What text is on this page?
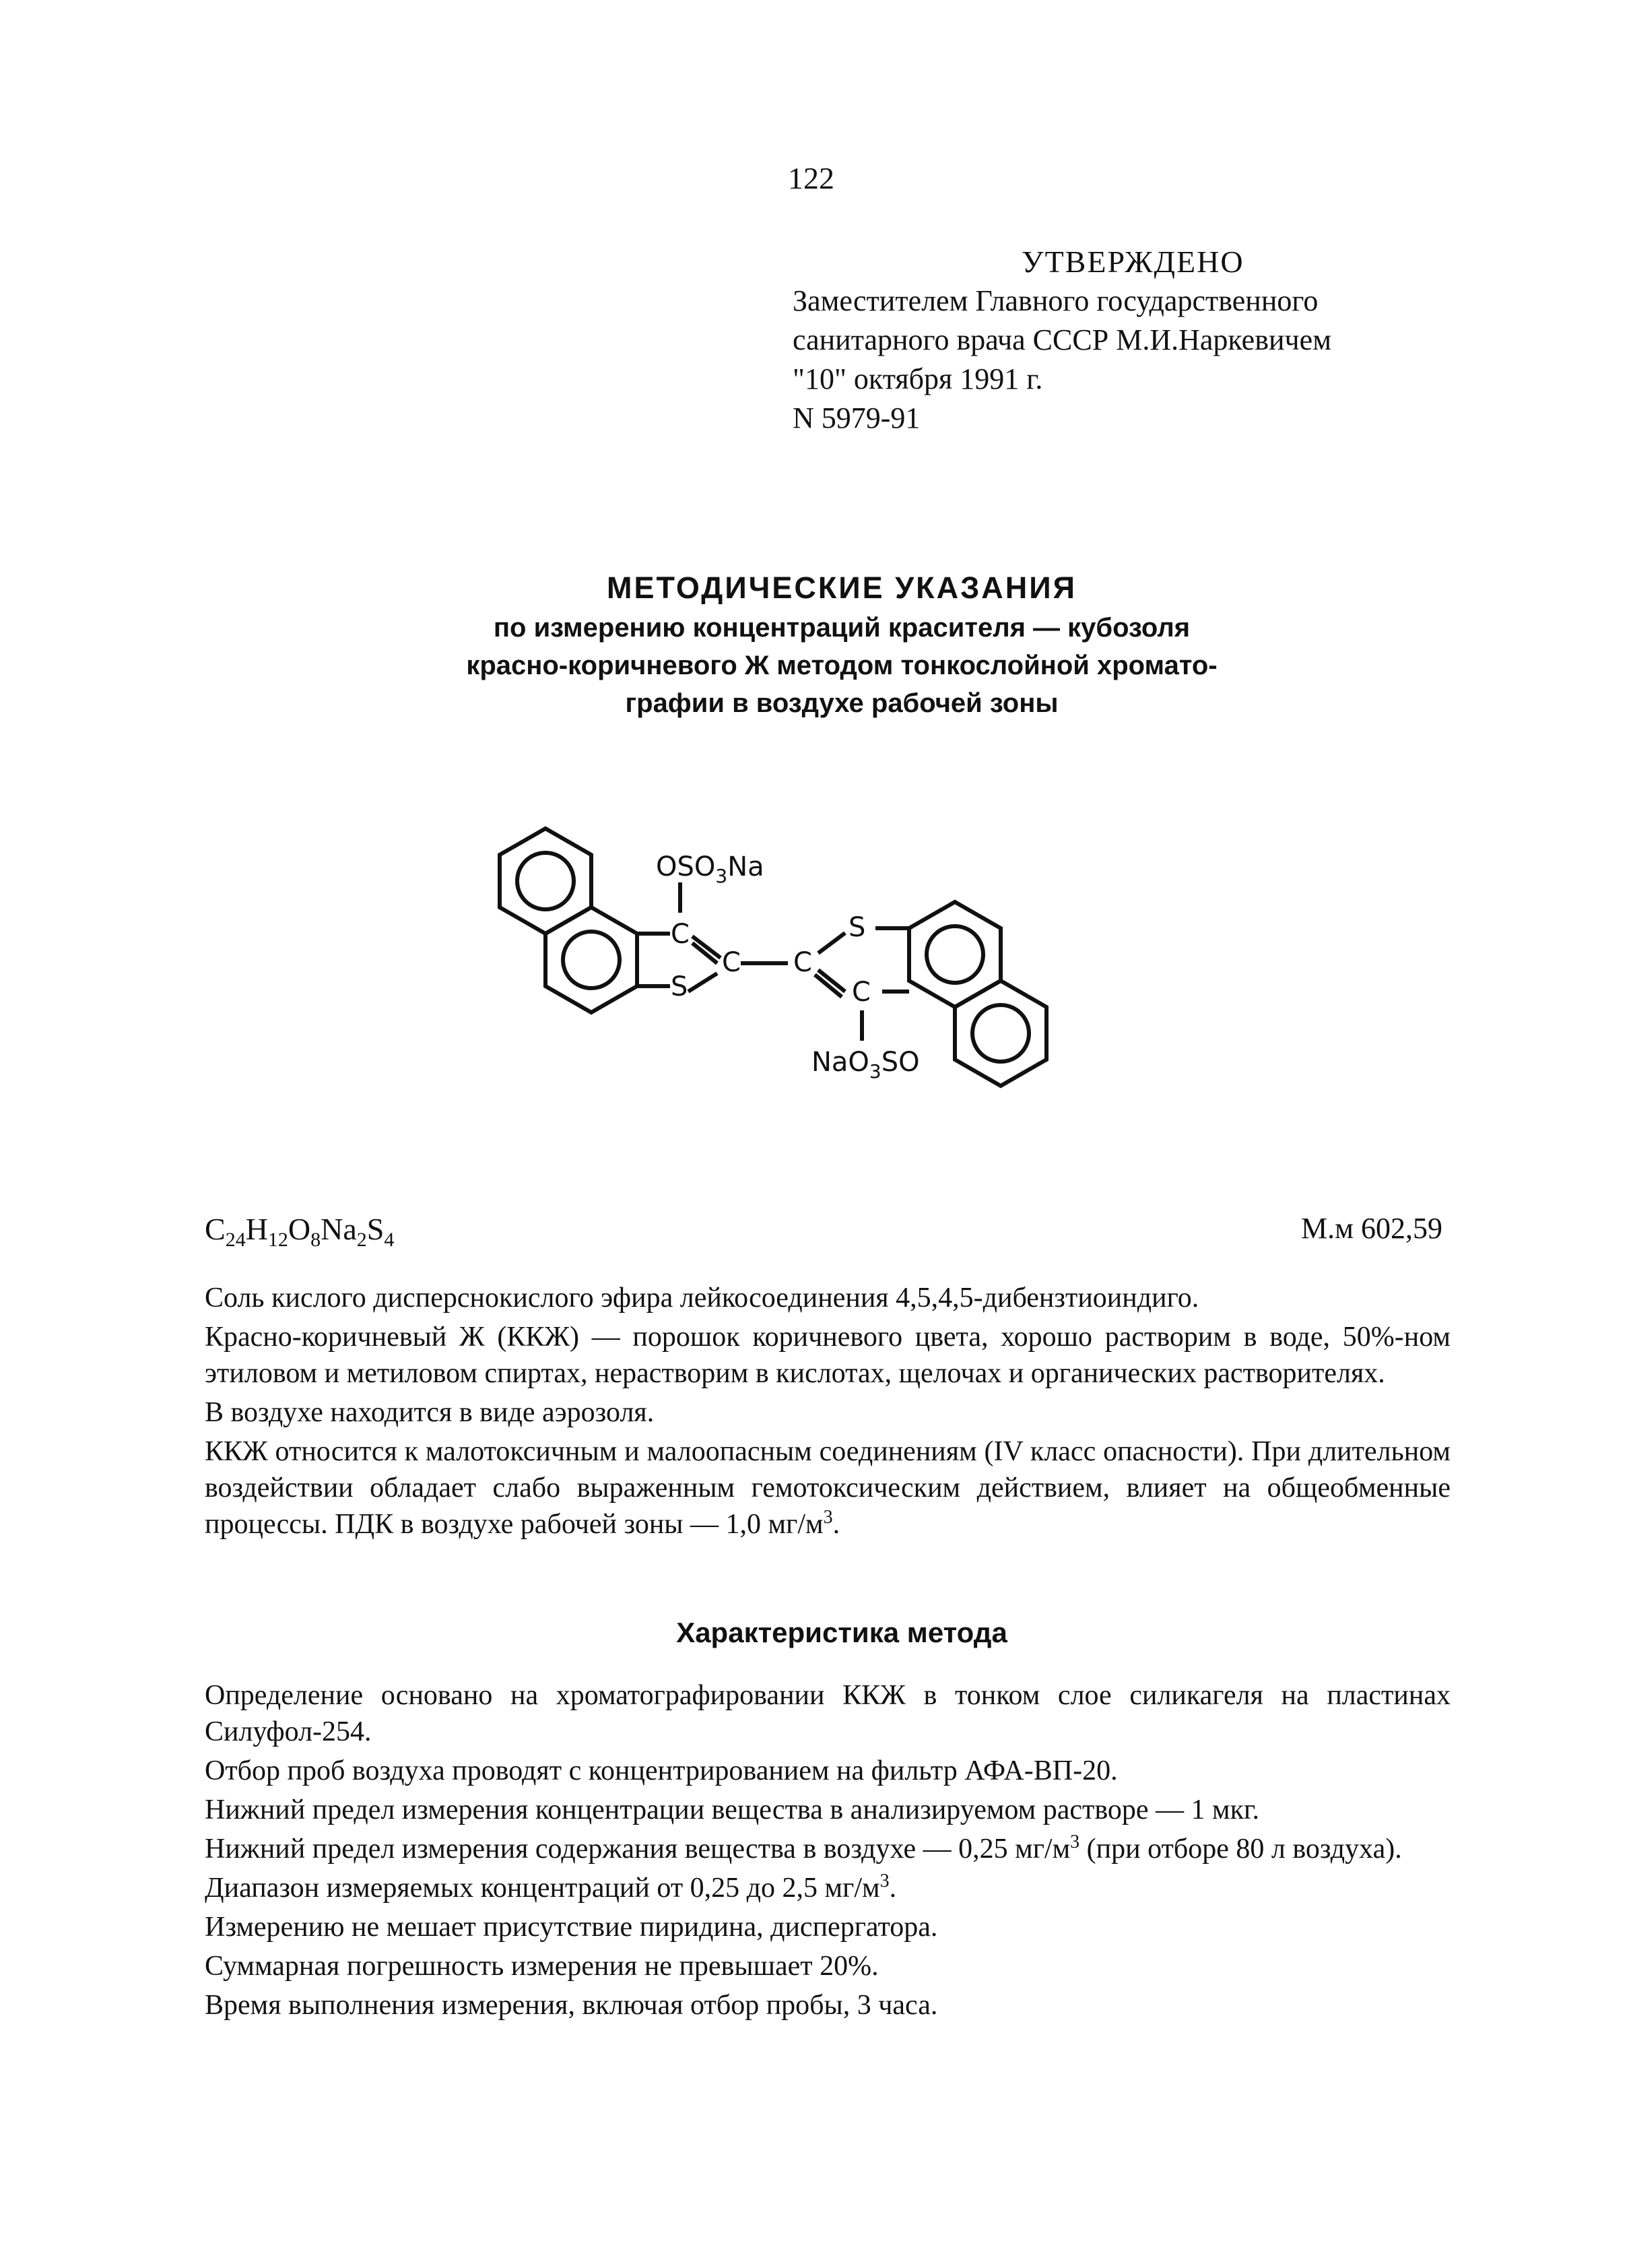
122
УТВЕРЖДЕНО
Заместителем Главного государственного
санитарного врача СССР М.И.Наркевичем
"10" октября 1991 г.
N 5979-91
МЕТОДИЧЕСКИЕ УКАЗАНИЯ
по измерению концентраций красителя — кубозоля
красно-коричневого Ж методом тонкослойной хромато-
графии в воздухе рабочей зоны
$OSO_3Na$
C
S
C C
S
C
NaO$_3$SO
$C_{24}H_{12}O_8Na_2S_4$	М.м 602,59

Соль кислого дисперснокислого эфира лейкосоединения 4,5,4,5-дибензтиоиндиго.

Красно-коричневый Ж (ККЖ) — порошок коричневого цвета, хорошо растворим в воде, 50%-ном этиловом и метиловом спиртах, нерастворим в кислотах, щелочах и органических растворителях.

В воздухе находится в виде аэрозоля.

ККЖ относится к малотоксичным и малоопасным соединениям (IV класс опасности). При длительном воздействии обладает слабо выраженным гемотоксическим действием, влияет на общеобменные процессы. ПДК в воздухе рабочей зоны — 1,0 $мг/м^3$.

Характеристика метода

Определение основано на хроматографировании ККЖ в тонком слое силикагеля на пластинах Силуфол-254.

Отбор проб воздуха проводят с концентрированием на фильтр АФА-ВП-20.

Нижний предел измерения концентрации вещества в анализируемом растворе — 1 мкг.

Нижний предел измерения содержания вещества в воздухе — 0,25 $мг/м^3$ (при отборе 80 л воздуха).

Диапазон измеряемых концентраций от 0,25 до 2,5 $мг/м^3$.

Измерению не мешает присутствие пиридина, диспергатора.

Суммарная погрешность измерения не превышает 20%.

Время выполнения измерения, включая отбор пробы, 3 часа.
